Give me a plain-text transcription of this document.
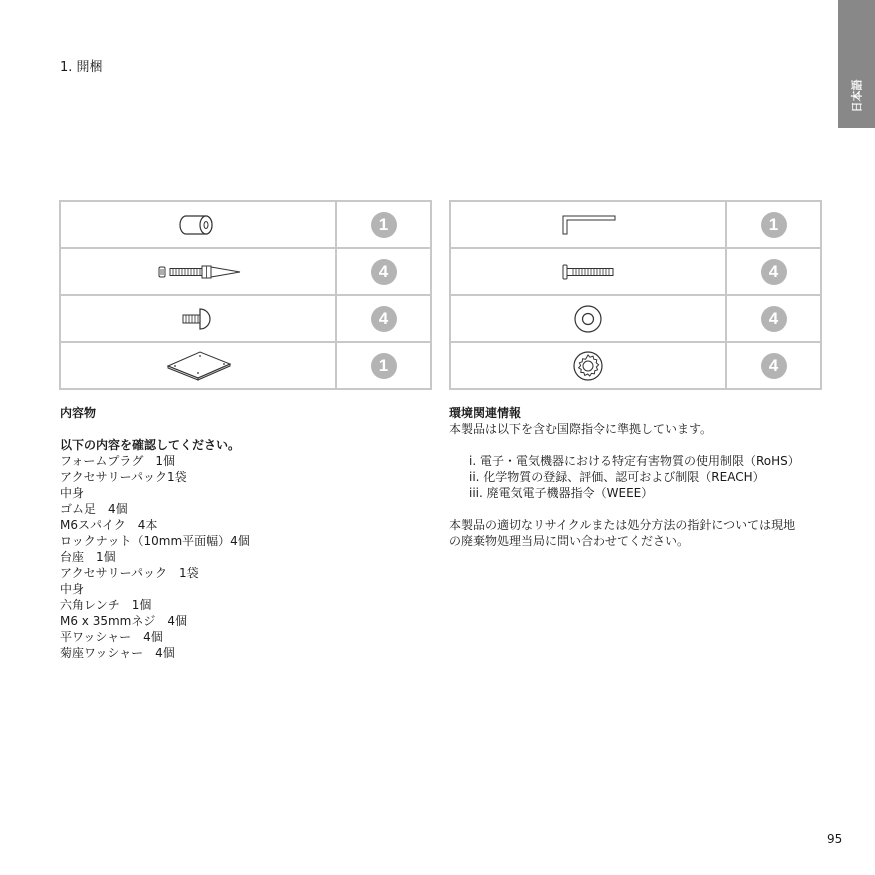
日本語
1. 開梱
	1

	4

	4

	1
	1

	4

	4

	4
内容物
以下の内容を確認してください。
フォームプラグ　1個
アクセサリーパック1袋
中身
ゴム足　4個
M6スパイク　4本
ロックナット（10mm平面幅）4個
台座　1個
アクセサリーパック　1袋
中身
六角レンチ　1個
M6 x 35mmネジ　4個
平ワッシャー　4個
菊座ワッシャー　4個
環境関連情報
本製品は以下を含む国際指令に準拠しています。
i. 電子・電気機器における特定有害物質の使用制限（RoHS）
ii. 化学物質の登録、評価、認可および制限（REACH）
iii. 廃電気電子機器指令（WEEE）
本製品の適切なリサイクルまたは処分方法の指針については現地
の廃棄物処理当局に問い合わせてください。
95
